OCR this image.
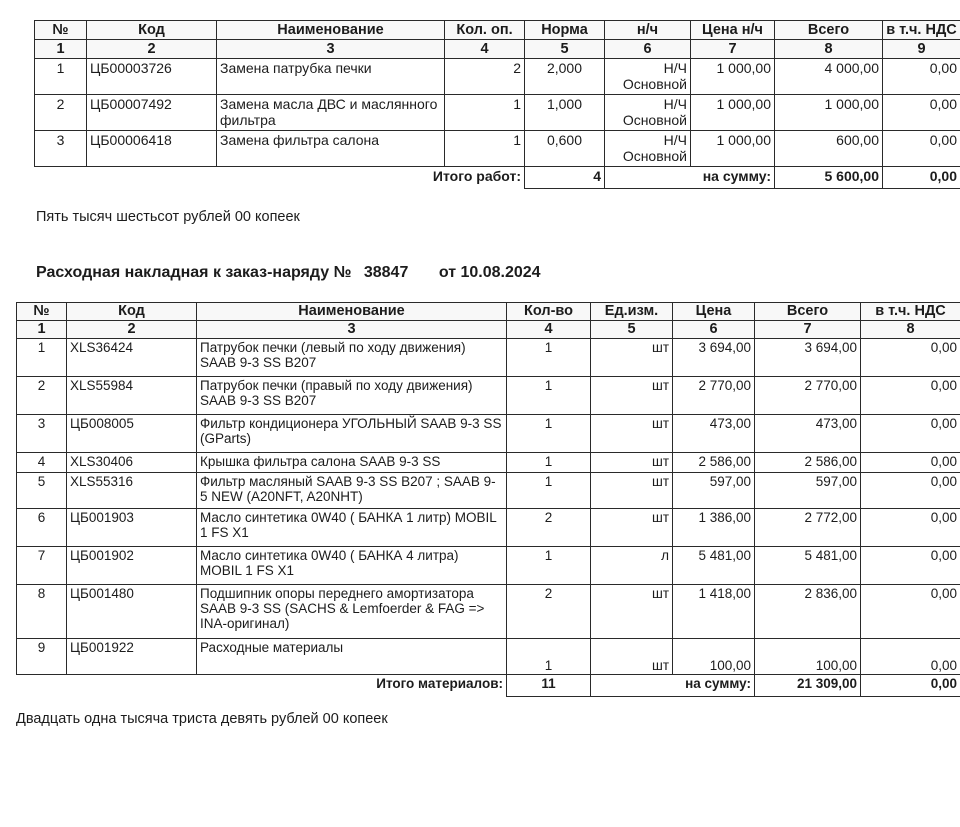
№	Код	Наименование	Кол. оп.	Норма	н/ч	Цена н/ч	Всего	в т.ч. НДС
1	2	3	4	5	6	7	8	9
1	ЦБ00003726	Замена патрубка печки	2	2,000	Н/Ч Основной	1 000,00	4 000,00	0,00
2	ЦБ00007492	Замена масла ДВС и маслянного фильтра	1	1,000	Н/Ч Основной	1 000,00	1 000,00	0,00
3	ЦБ00006418	Замена фильтра салона	1	0,600	Н/Ч Основной	1 000,00	600,00	0,00
Итого работ:				4	на сумму:		5 600,00	0,00
Пять тысяч шестьсот рублей 00 копеек
Расходная накладная к заказ-наряду № 38847 от 10.08.2024
№	Код	Наименование	Кол-во	Ед.изм.	Цена	Всего	в т.ч. НДС
1	2	3	4	5	6	7	8
1	XLS36424	Патрубок печки (левый по ходу движения) SAAB 9-3 SS B207	1	шт	3 694,00	3 694,00	0,00
2	XLS55984	Патрубок печки (правый по ходу движения) SAAB 9-3 SS B207	1	шт	2 770,00	2 770,00	0,00
3	ЦБ008005	Фильтр кондиционера УГОЛЬНЫЙ SAAB 9-3 SS (GParts)	1	шт	473,00	473,00	0,00
4	XLS30406	Крышка фильтра салона SAAB 9-3 SS	1	шт	2 586,00	2 586,00	0,00
5	XLS55316	Фильтр масляный SAAB 9-3 SS B207 ; SAAB 9-5 NEW (A20NFT, A20NHT)	1	шт	597,00	597,00	0,00
6	ЦБ001903	Масло синтетика 0W40 ( БАНКА 1 литр) MOBIL 1 FS X1	2	шт	1 386,00	2 772,00	0,00
7	ЦБ001902	Масло синтетика 0W40 ( БАНКА 4 литра) MOBIL 1 FS X1	1	л	5 481,00	5 481,00	0,00
8	ЦБ001480	Подшипник опоры переднего амортизатора SAAB 9-3 SS (SACHS & Lemfoerder & FAG => INA-оригинал)	2	шт	1 418,00	2 836,00	0,00
9	ЦБ001922	Расходные материалы	1	шт	100,00	100,00	0,00
Итого материалов:			11	на сумму:		21 309,00	0,00
Двадцать одна тысяча триста девять рублей 00 копеек
